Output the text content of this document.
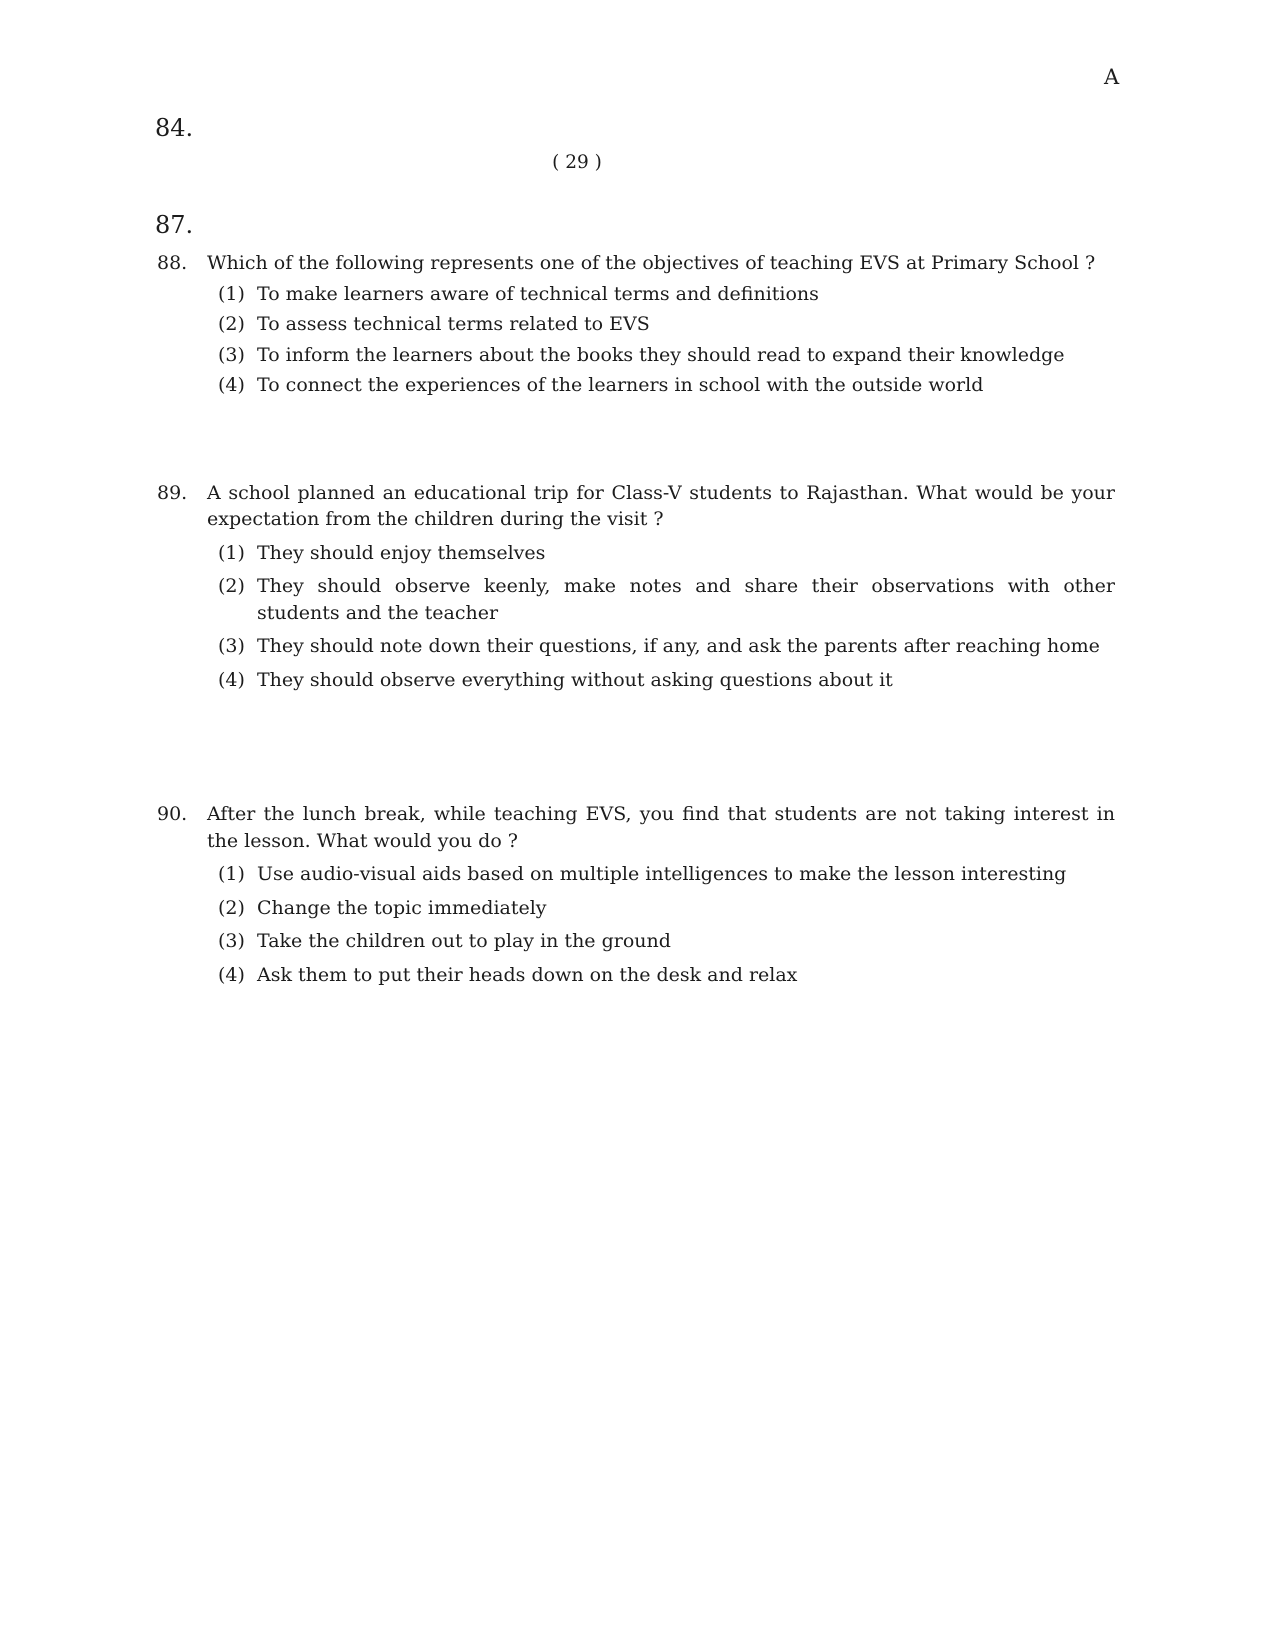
A
84.
( 29 )
87.
88. Which of the following represents one of the objectives of teaching EVS at Primary School ?
(1) To make learners aware of technical terms and definitions
(2) To assess technical terms related to EVS
(3) To inform the learners about the books they should read to expand their knowledge
(4) To connect the experiences of the learners in school with the outside world
89. A school planned an educational trip for Class-V students to Rajasthan. What would be your expectation from the children during the visit ?
(1) They should enjoy themselves
(2) They should observe keenly, make notes and share their observations with other students and the teacher
(3) They should note down their questions, if any, and ask the parents after reaching home
(4) They should observe everything without asking questions about it
90. After the lunch break, while teaching EVS, you find that students are not taking interest in the lesson. What would you do ?
(1) Use audio-visual aids based on multiple intelligences to make the lesson interesting
(2) Change the topic immediately
(3) Take the children out to play in the ground
(4) Ask them to put their heads down on the desk and relax
